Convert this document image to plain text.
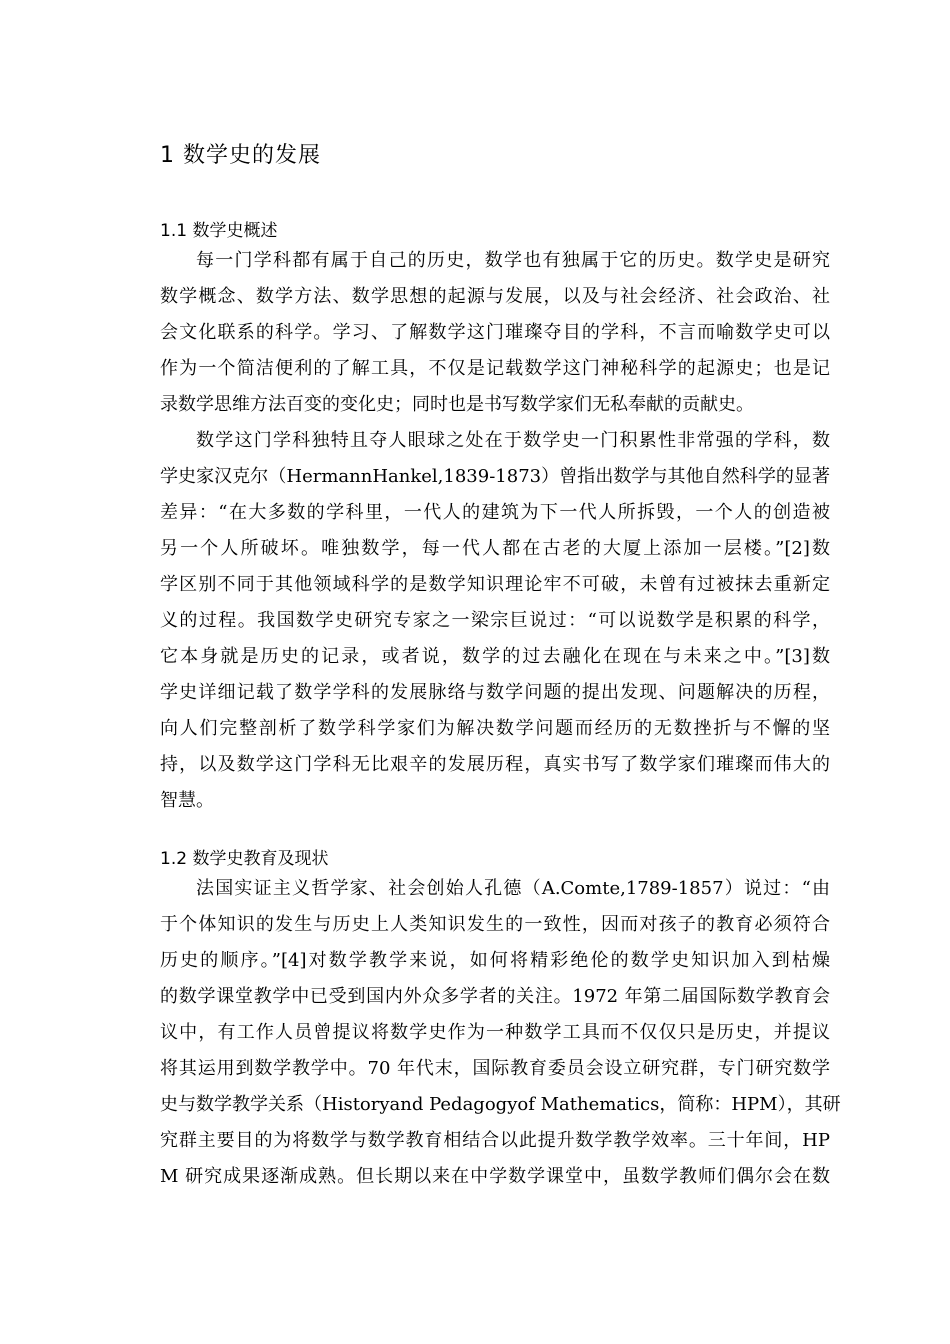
1 数学史的发展
1.1 数学史概述
每一门学科都有属于自己的历史，数学也有独属于它的历史。数学史是研究
数学概念、数学方法、数学思想的起源与发展，以及与社会经济、社会政治、社
会文化联系的科学。学习、了解数学这门璀璨夺目的学科，不言而喻数学史可以
作为一个简洁便利的了解工具，不仅是记载数学这门神秘科学的起源史；也是记
录数学思维方法百变的变化史；同时也是书写数学家们无私奉献的贡献史。
数学这门学科独特且夺人眼球之处在于数学史一门积累性非常强的学科，数
学史家汉克尔（HermannHankel,1839-1873）曾指出数学与其他自然科学的显著
差异：“在大多数的学科里，一代人的建筑为下一代人所拆毁，一个人的创造被
另一个人所破坏。唯独数学，每一代人都在古老的大厦上添加一层楼。”[2]数
学区别不同于其他领域科学的是数学知识理论牢不可破，未曾有过被抹去重新定
义的过程。我国数学史研究专家之一梁宗巨说过：“可以说数学是积累的科学，
它本身就是历史的记录，或者说，数学的过去融化在现在与未来之中。”[3]数
学史详细记载了数学学科的发展脉络与数学问题的提出发现、问题解决的历程，
向人们完整剖析了数学科学家们为解决数学问题而经历的无数挫折与不懈的坚
持，以及数学这门学科无比艰辛的发展历程，真实书写了数学家们璀璨而伟大的
智慧。
1.2 数学史教育及现状
法国实证主义哲学家、社会创始人孔德（A.Comte,1789-1857）说过：“由
于个体知识的发生与历史上人类知识发生的一致性，因而对孩子的教育必须符合
历史的顺序。”[4]对数学教学来说，如何将精彩绝伦的数学史知识加入到枯燥
的数学课堂教学中已受到国内外众多学者的关注。1972 年第二届国际数学教育会
议中，有工作人员曾提议将数学史作为一种数学工具而不仅仅只是历史，并提议
将其运用到数学教学中。70 年代末，国际教育委员会设立研究群，专门研究数学
史与数学教学关系（Historyand Pedagogyof Mathematics，简称：HPM），其研
究群主要目的为将数学与数学教育相结合以此提升数学教学效率。三十年间，HP
M 研究成果逐渐成熟。但长期以来在中学数学课堂中，虽数学教师们偶尔会在数
